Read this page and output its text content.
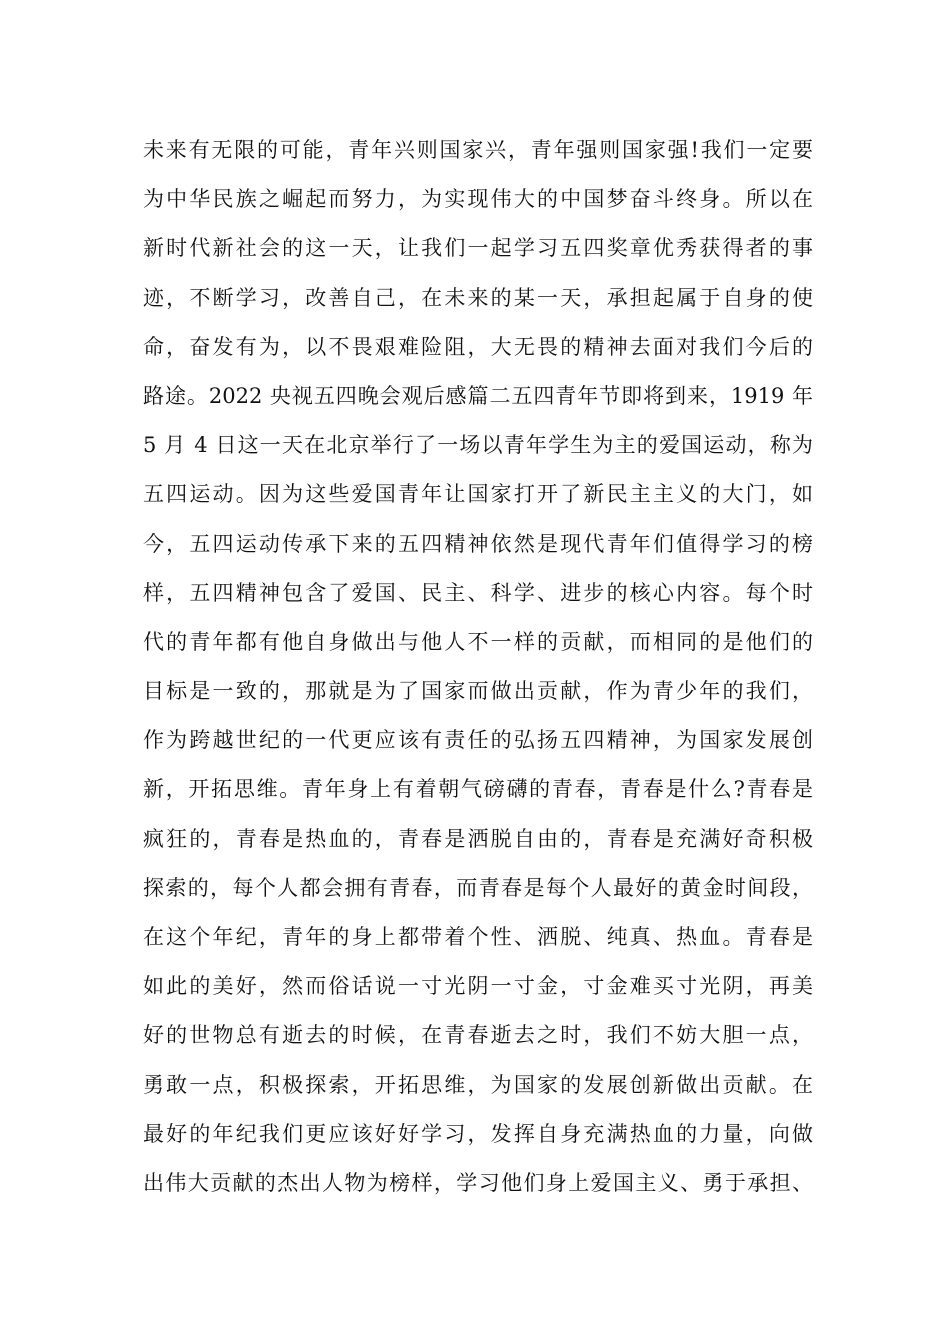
未来有无限的可能，青年兴则国家兴，青年强则国家强!我们一定要
为中华民族之崛起而努力，为实现伟大的中国梦奋斗终身。所以在
新时代新社会的这一天，让我们一起学习五四奖章优秀获得者的事
迹，不断学习，改善自己，在未来的某一天，承担起属于自身的使
命，奋发有为，以不畏艰难险阻，大无畏的精神去面对我们今后的
路途。2022 央视五四晚会观后感篇二五四青年节即将到来，1919 年
5 月 4 日这一天在北京举行了一场以青年学生为主的爱国运动，称为
五四运动。因为这些爱国青年让国家打开了新民主主义的大门，如
今，五四运动传承下来的五四精神依然是现代青年们值得学习的榜
样，五四精神包含了爱国、民主、科学、进步的核心内容。每个时
代的青年都有他自身做出与他人不一样的贡献，而相同的是他们的
目标是一致的，那就是为了国家而做出贡献，作为青少年的我们，
作为跨越世纪的一代更应该有责任的弘扬五四精神，为国家发展创
新，开拓思维。青年身上有着朝气磅礴的青春，青春是什么?青春是
疯狂的，青春是热血的，青春是洒脱自由的，青春是充满好奇积极
探索的，每个人都会拥有青春，而青春是每个人最好的黄金时间段，
在这个年纪，青年的身上都带着个性、洒脱、纯真、热血。青春是
如此的美好，然而俗话说一寸光阴一寸金，寸金难买寸光阴，再美
好的世物总有逝去的时候，在青春逝去之时，我们不妨大胆一点，
勇敢一点，积极探索，开拓思维，为国家的发展创新做出贡献。在
最好的年纪我们更应该好好学习，发挥自身充满热血的力量，向做
出伟大贡献的杰出人物为榜样，学习他们身上爱国主义、勇于承担、
